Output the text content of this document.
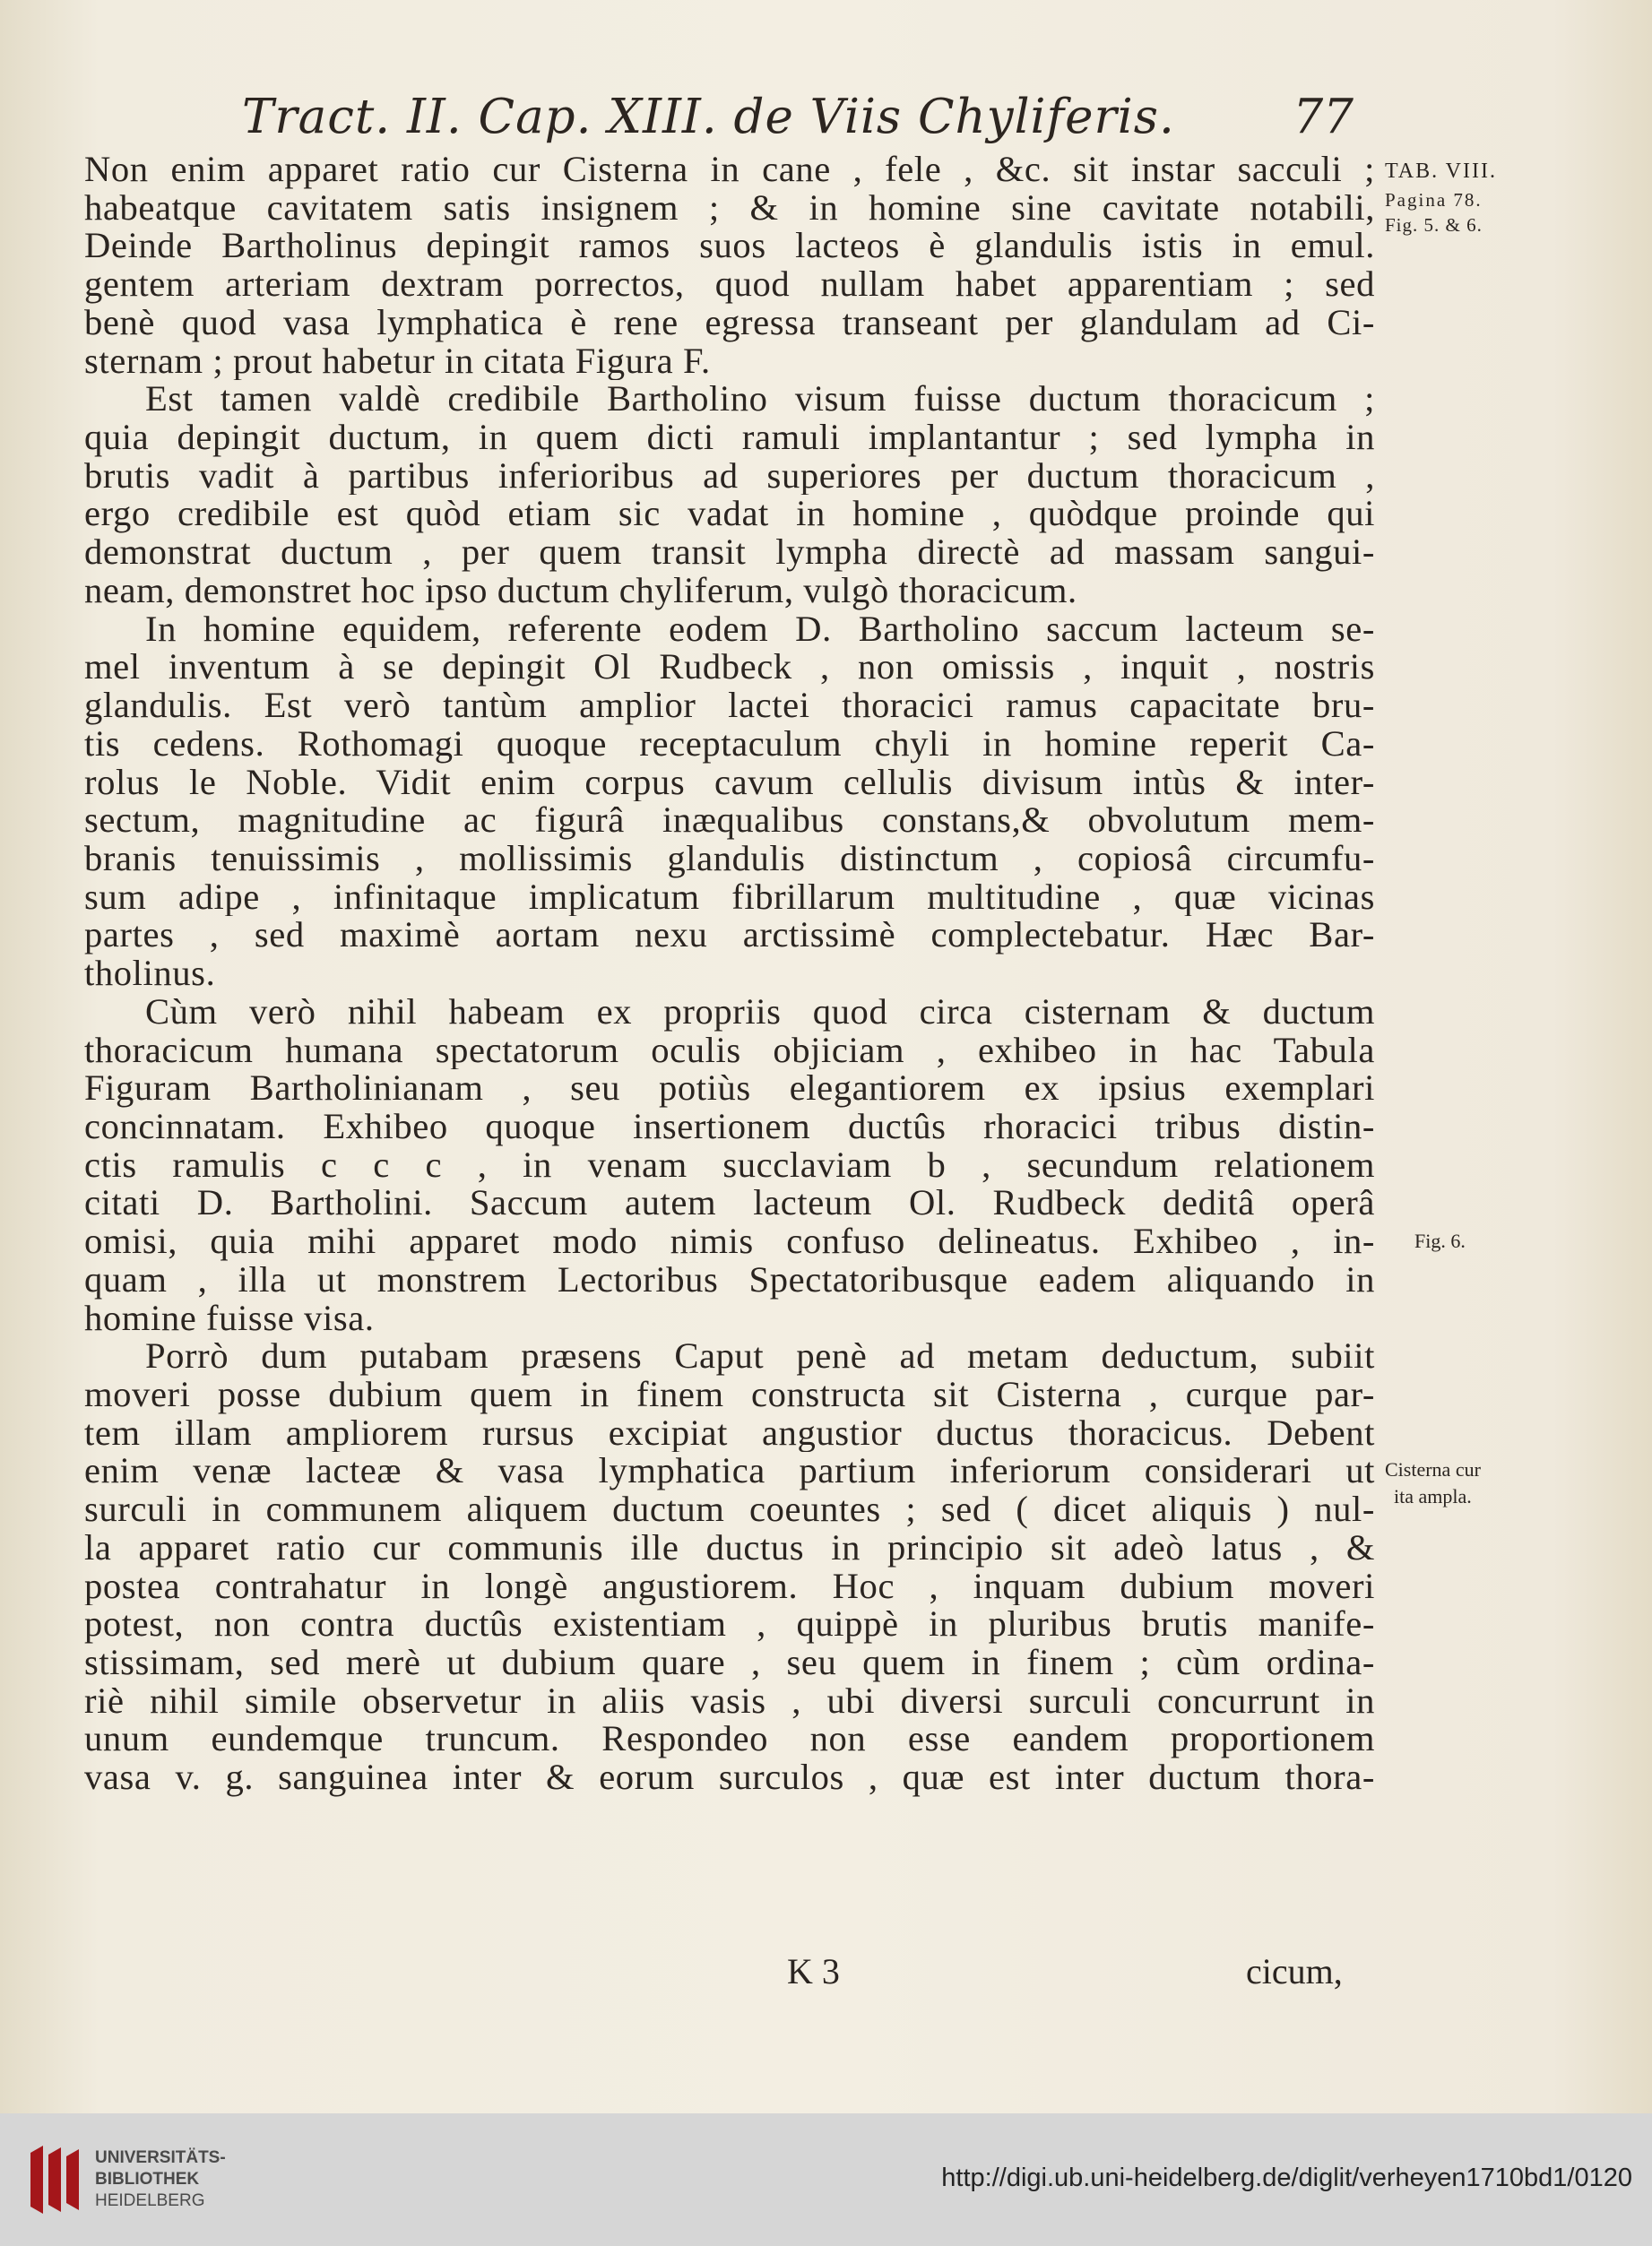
Tract. II. Cap. XIII. de Viis Chyliferis. 77
Non enim apparet ratio cur Cisterna in cane , fele , &c. sit instar sacculi ;
habeatque cavitatem satis insignem ; & in homine sine cavitate notabili,
Deinde Bartholinus depingit ramos suos lacteos è glandulis istis in emul.
gentem arteriam dextram porrectos, quod nullam habet apparentiam ; sed
benè quod vasa lymphatica è rene egressa transeant per glandulam ad Ci-
sternam ; prout habetur in citata Figura F.
Est tamen valdè credibile Bartholino visum fuisse ductum thoracicum ;
quia depingit ductum, in quem dicti ramuli implantantur ; sed lympha in
brutis vadit à partibus inferioribus ad superiores per ductum thoracicum ,
ergo credibile est quòd etiam sic vadat in homine , quòdque proinde qui
demonstrat ductum , per quem transit lympha directè ad massam sangui-
neam, demonstret hoc ipso ductum chyliferum, vulgò thoracicum.
In homine equidem, referente eodem D. Bartholino saccum lacteum se-
mel inventum à se depingit Ol Rudbeck , non omissis , inquit , nostris
glandulis. Est verò tantùm amplior lactei thoracici ramus capacitate bru-
tis cedens. Rothomagi quoque receptaculum chyli in homine reperit Ca-
rolus le Noble. Vidit enim corpus cavum cellulis divisum intùs & inter-
sectum, magnitudine ac figurâ inæqualibus constans,& obvolutum mem-
branis tenuissimis , mollissimis glandulis distinctum , copiosâ circumfu-
sum adipe , infinitaque implicatum fibrillarum multitudine , quæ vicinas
partes , sed maximè aortam nexu arctissimè complectebatur. Hæc Bar-
tholinus.
Cùm verò nihil habeam ex propriis quod circa cisternam & ductum
thoracicum humana spectatorum oculis objiciam , exhibeo in hac Tabula
Figuram Bartholinianam , seu potiùs elegantiorem ex ipsius exemplari
concinnatam. Exhibeo quoque insertionem ductûs rhoracici tribus distin-
ctis ramulis c c c , in venam succlaviam b , secundum relationem
citati D. Bartholini. Saccum autem lacteum Ol. Rudbeck deditâ operâ
omisi, quia mihi apparet modo nimis confuso delineatus. Exhibeo , in-
quam , illa ut monstrem Lectoribus Spectatoribusque eadem aliquando in
homine fuisse visa.
Porrò dum putabam præsens Caput penè ad metam deductum, subiit
moveri posse dubium quem in finem constructa sit Cisterna , curque par-
tem illam ampliorem rursus excipiat angustior ductus thoracicus. Debent
enim venæ lacteæ & vasa lymphatica partium inferiorum considerari ut
surculi in communem aliquem ductum coeuntes ; sed ( dicet aliquis ) nul-
la apparet ratio cur communis ille ductus in principio sit adeò latus , &
postea contrahatur in longè angustiorem. Hoc , inquam dubium moveri
potest, non contra ductûs existentiam , quippè in pluribus brutis manife-
stissimam, sed merè ut dubium quare , seu quem in finem ; cùm ordina-
riè nihil simile observetur in aliis vasis , ubi diversi surculi concurrunt in
unum eundemque truncum. Respondeo non esse eandem proportionem
vasa v. g. sanguinea inter & eorum surculos , quæ est inter ductum thora-
TAB. VIII.
Pagina 78.
Fig. 5. & 6.
Fig. 6.
Cisterna cur
ita ampla.
K 3	cicum,
UNIVERSITÄTS-
BIBLIOTHEK
HEIDELBERG
http://digi.ub.uni-heidelberg.de/diglit/verheyen1710bd1/0120
